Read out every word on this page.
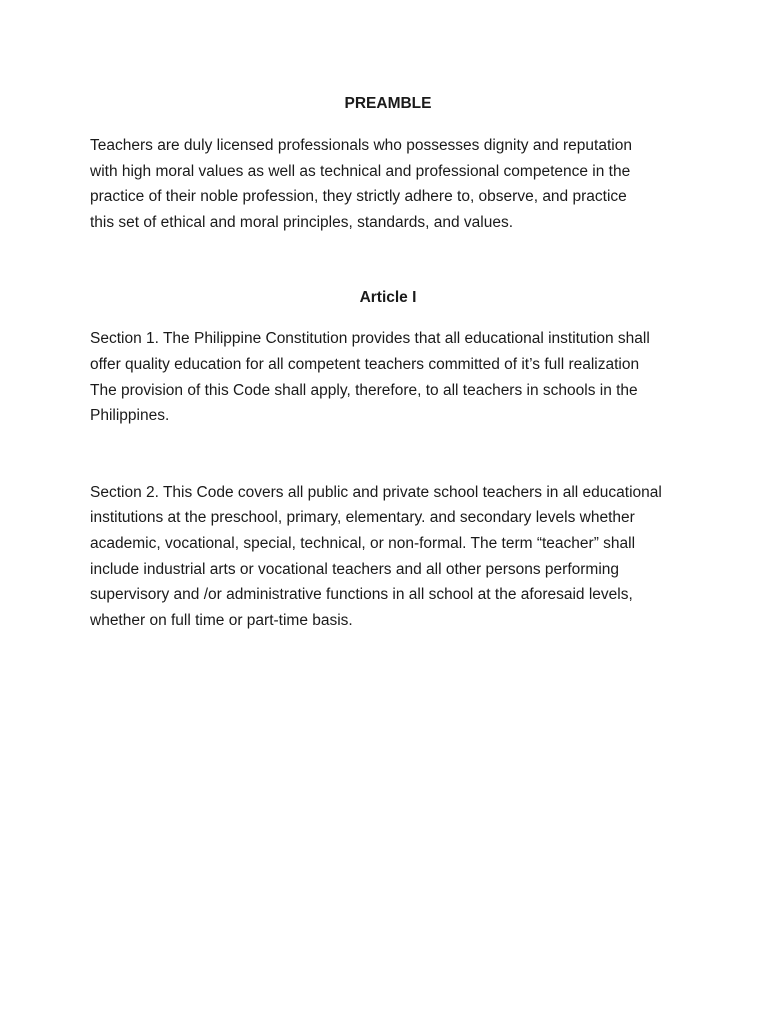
PREAMBLE

Teachers are duly licensed professionals who possesses dignity and reputation
with high moral values as well as technical and professional competence in the
practice of their noble profession, they strictly adhere to, observe, and practice
this set of ethical and moral principles, standards, and values.

Article I

Section 1. The Philippine Constitution provides that all educational institution shall
offer quality education for all competent teachers committed of it’s full realization
The provision of this Code shall apply, therefore, to all teachers in schools in the
Philippines.

Section 2. This Code covers all public and private school teachers in all educational
institutions at the preschool, primary, elementary. and secondary levels whether
academic, vocational, special, technical, or non-formal. The term “teacher” shall
include industrial arts or vocational teachers and all other persons performing
supervisory and /or administrative functions in all school at the aforesaid levels,
whether on full time or part-time basis.
